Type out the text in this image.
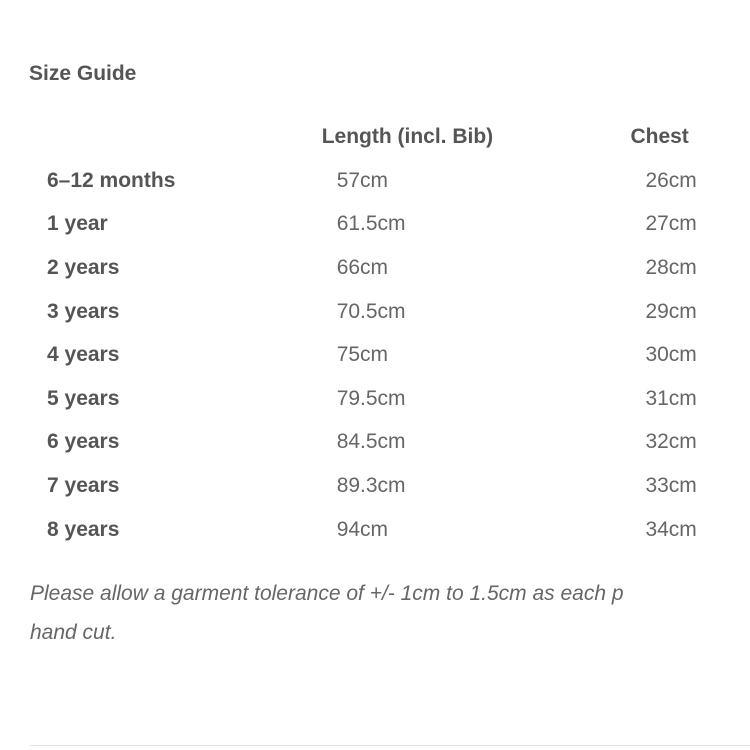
Size Guide
	Length (incl. Bib)	Chest
6–12 months	57cm	26cm
1 year	61.5cm	27cm
2 years	66cm	28cm
3 years	70.5cm	29cm
4 years	75cm	30cm
5 years	79.5cm	31cm
6 years	84.5cm	32cm
7 years	89.3cm	33cm
8 years	94cm	34cm
Please allow a garment tolerance of +/- 1cm to 1.5cm as each p
hand cut.
